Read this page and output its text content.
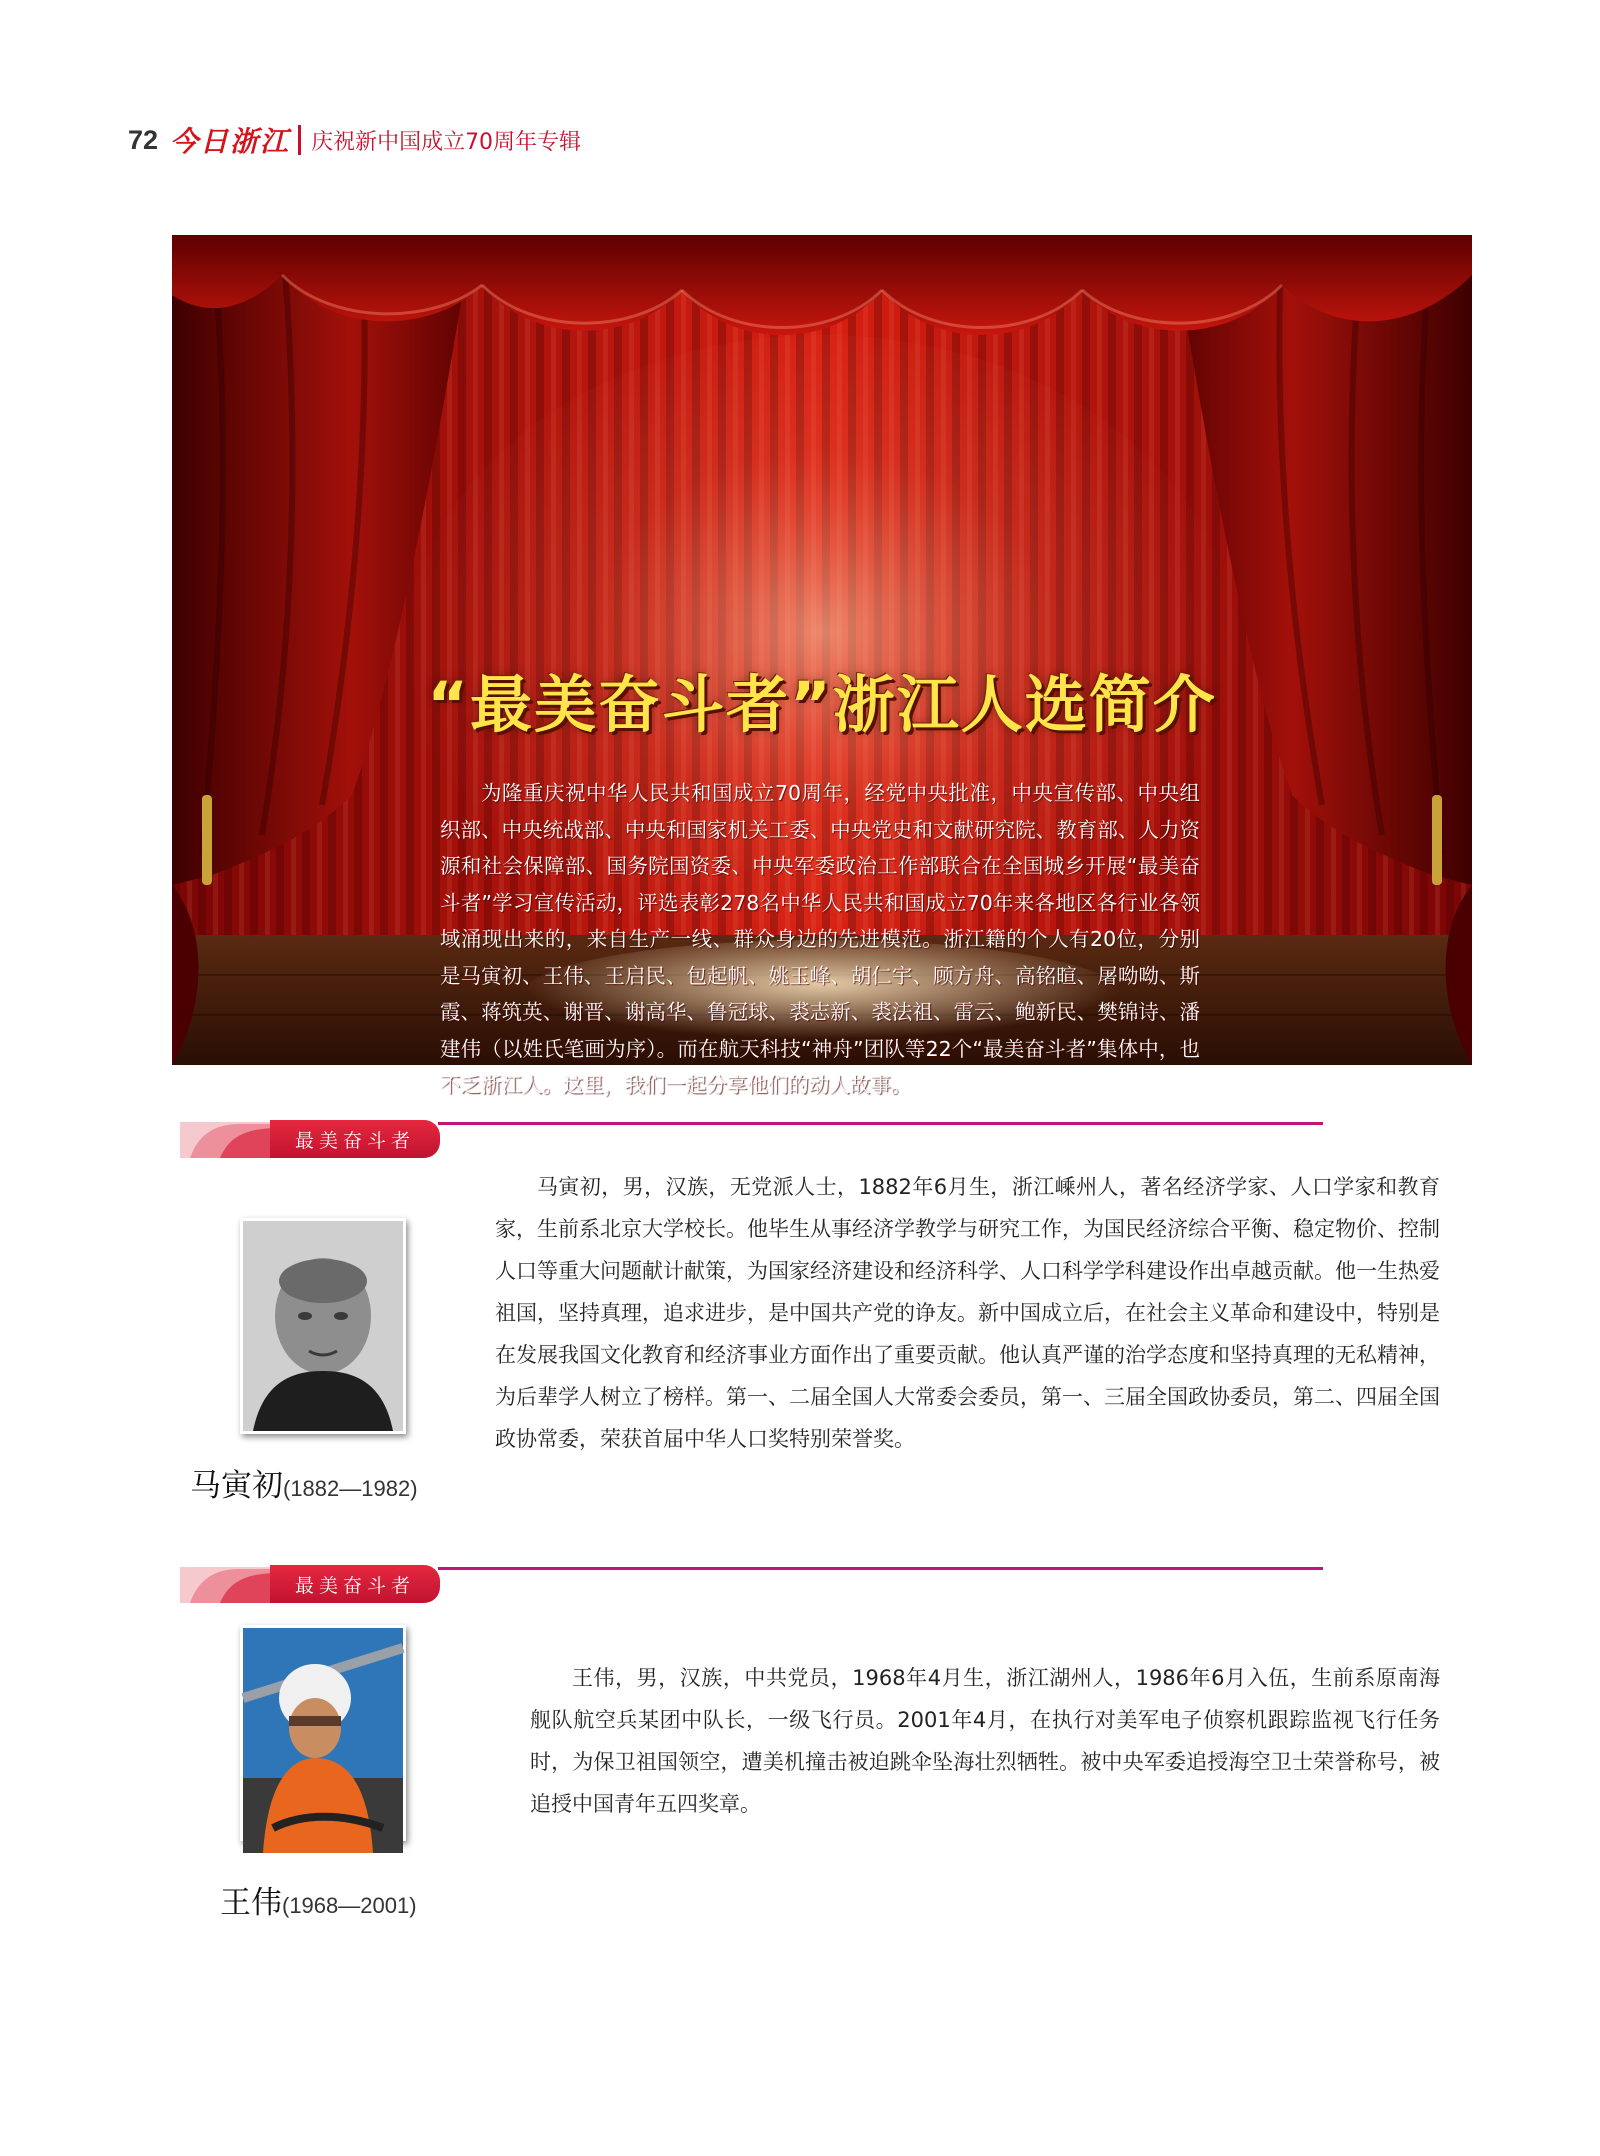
72 今日浙江 庆祝新中国成立70周年专辑
“最美奋斗者”浙江人选简介
为隆重庆祝中华人民共和国成立70周年，经党中央批准，中央宣传部、中央组织部、中央统战部、中央和国家机关工委、中央党史和文献研究院、教育部、人力资源和社会保障部、国务院国资委、中央军委政治工作部联合在全国城乡开展“最美奋斗者”学习宣传活动，评选表彰278名中华人民共和国成立70年来各地区各行业各领域涌现出来的，来自生产一线、群众身边的先进模范。浙江籍的个人有20位，分别是马寅初、王伟、王启民、包起帆、姚玉峰、胡仁宇、顾方舟、高铭暄、屠呦呦、斯霞、蒋筑英、谢晋、谢高华、鲁冠球、裘志新、裘法祖、雷云、鲍新民、樊锦诗、潘建伟（以姓氏笔画为序）。而在航天科技“神舟”团队等22个“最美奋斗者”集体中，也不乏浙江人。这里，我们一起分享他们的动人故事。
最美奋斗者
马寅初(1882—1982)
马寅初，男，汉族，无党派人士，1882年6月生，浙江嵊州人，著名经济学家、人口学家和教育家，生前系北京大学校长。他毕生从事经济学教学与研究工作，为国民经济综合平衡、稳定物价、控制人口等重大问题献计献策，为国家经济建设和经济科学、人口科学学科建设作出卓越贡献。他一生热爱祖国，坚持真理，追求进步，是中国共产党的诤友。新中国成立后，在社会主义革命和建设中，特别是在发展我国文化教育和经济事业方面作出了重要贡献。他认真严谨的治学态度和坚持真理的无私精神，为后辈学人树立了榜样。第一、二届全国人大常委会委员，第一、三届全国政协委员，第二、四届全国政协常委，荣获首届中华人口奖特别荣誉奖。
最美奋斗者
王伟(1968—2001)
王伟，男，汉族，中共党员，1968年4月生，浙江湖州人，1986年6月入伍，生前系原南海舰队航空兵某团中队长，一级飞行员。2001年4月，在执行对美军电子侦察机跟踪监视飞行任务时，为保卫祖国领空，遭美机撞击被迫跳伞坠海壮烈牺牲。被中央军委追授海空卫士荣誉称号，被追授中国青年五四奖章。
